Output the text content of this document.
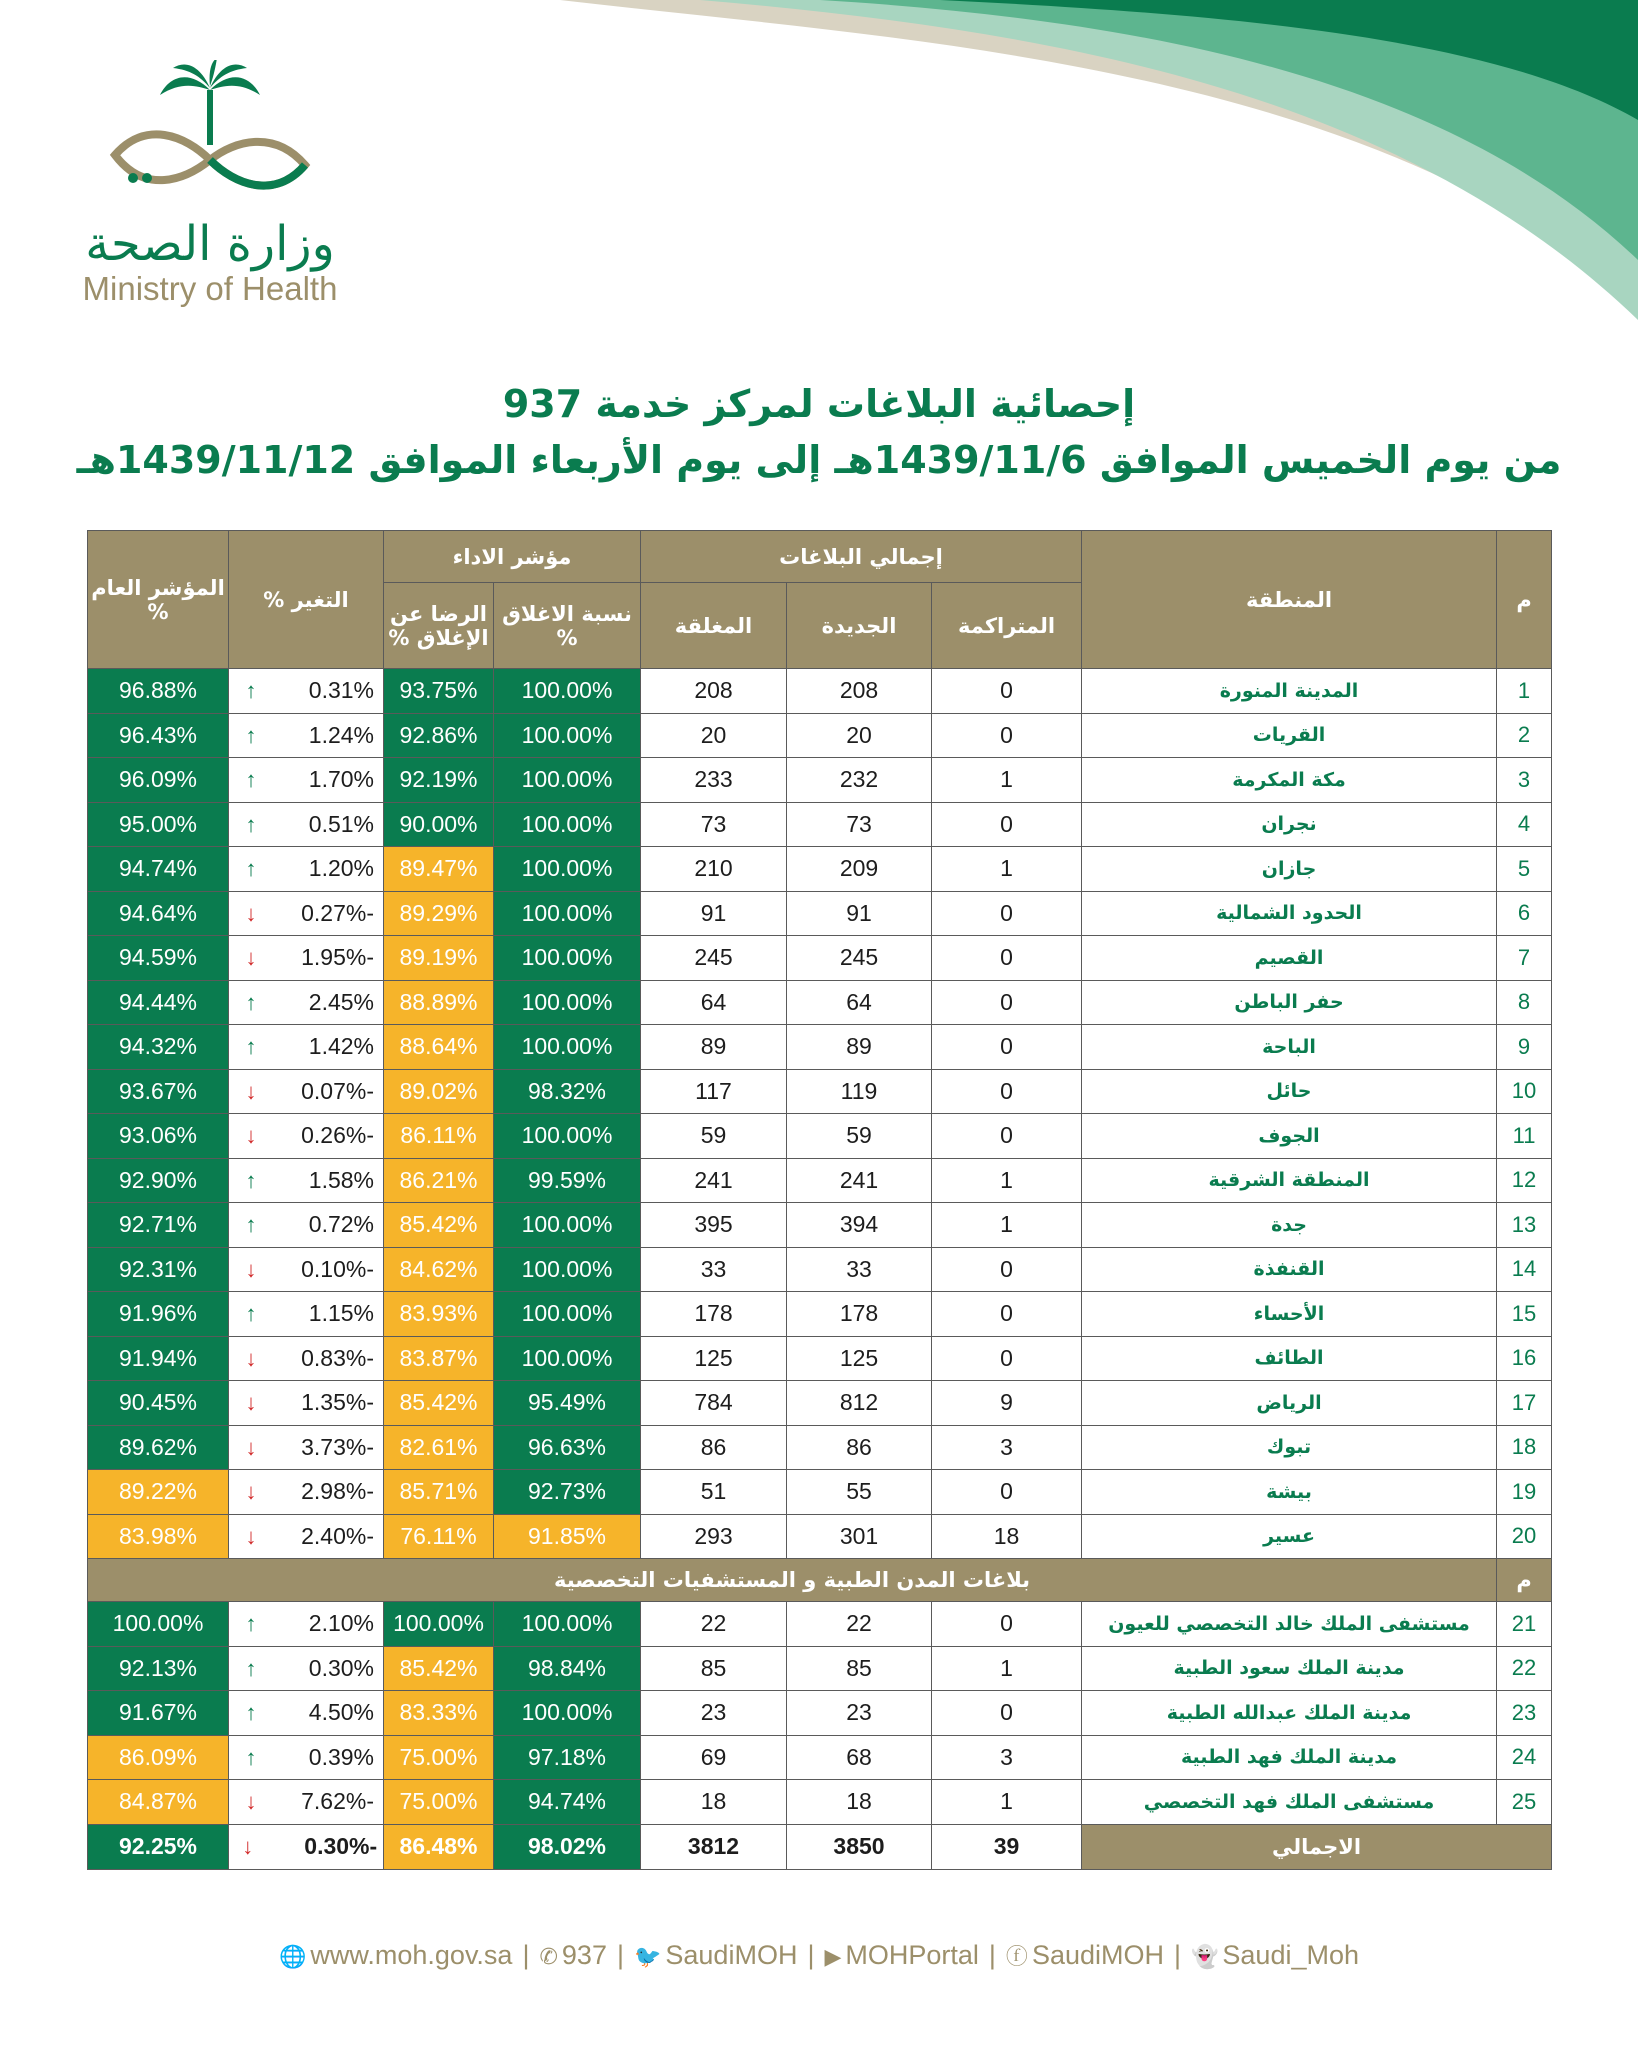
وزارة الصحة
Ministry of Health

إحصائية البلاغات لمركز خدمة 937

من يوم الخميس الموافق 1439/11/6هـ إلى يوم الأربعاء الموافق 1439/11/12هـ

م	المنطقة	إجمالي البلاغات			مؤشر الاداء		التغير %	المؤشر العام %
		المتراكمة	الجديدة	المغلقة	نسبة الاغلاق %	الرضا عن الإغلاق %		
1	المدينة المنورة	0	208	208	100.00%	93.75%	0.31%↑	96.88%
2	القريات	0	20	20	100.00%	92.86%	1.24%↑	96.43%
3	مكة المكرمة	1	232	233	100.00%	92.19%	1.70%↑	96.09%
4	نجران	0	73	73	100.00%	90.00%	0.51%↑	95.00%
5	جازان	1	209	210	100.00%	89.47%	1.20%↑	94.74%
6	الحدود الشمالية	0	91	91	100.00%	89.29%	-0.27%↓	94.64%
7	القصيم	0	245	245	100.00%	89.19%	-1.95%↓	94.59%
8	حفر الباطن	0	64	64	100.00%	88.89%	2.45%↑	94.44%
9	الباحة	0	89	89	100.00%	88.64%	1.42%↑	94.32%
10	حائل	0	119	117	98.32%	89.02%	-0.07%↓	93.67%
11	الجوف	0	59	59	100.00%	86.11%	-0.26%↓	93.06%
12	المنطقة الشرقية	1	241	241	99.59%	86.21%	1.58%↑	92.90%
13	جدة	1	394	395	100.00%	85.42%	0.72%↑	92.71%
14	القنفذة	0	33	33	100.00%	84.62%	-0.10%↓	92.31%
15	الأحساء	0	178	178	100.00%	83.93%	1.15%↑	91.96%
16	الطائف	0	125	125	100.00%	83.87%	-0.83%↓	91.94%
17	الرياض	9	812	784	95.49%	85.42%	-1.35%↓	90.45%
18	تبوك	3	86	86	96.63%	82.61%	-3.73%↓	89.62%
19	بيشة	0	55	51	92.73%	85.71%	-2.98%↓	89.22%
20	عسير	18	301	293	91.85%	76.11%	-2.40%↓	83.98%
م	بلاغات المدن الطبية و المستشفيات التخصصية							
21	مستشفى الملك خالد التخصصي للعيون	0	22	22	100.00%	100.00%	2.10%↑	100.00%
22	مدينة الملك سعود الطبية	1	85	85	98.84%	85.42%	0.30%↑	92.13%
23	مدينة الملك عبدالله الطبية	0	23	23	100.00%	83.33%	4.50%↑	91.67%
24	مدينة الملك فهد الطبية	3	68	69	97.18%	75.00%	0.39%↑	86.09%
25	مستشفى الملك فهد التخصصي	1	18	18	94.74%	75.00%	-7.62%↓	84.87%
الاجمالي		39	3850	3812	98.02%	86.48%	-0.30% ↓	92.25%
🌐 www.moh.gov.sa | ✆ 937 | 🐦 SaudiMOH | ▶ MOHPortal | ⓕ SaudiMOH | 👻 Saudi_Moh
